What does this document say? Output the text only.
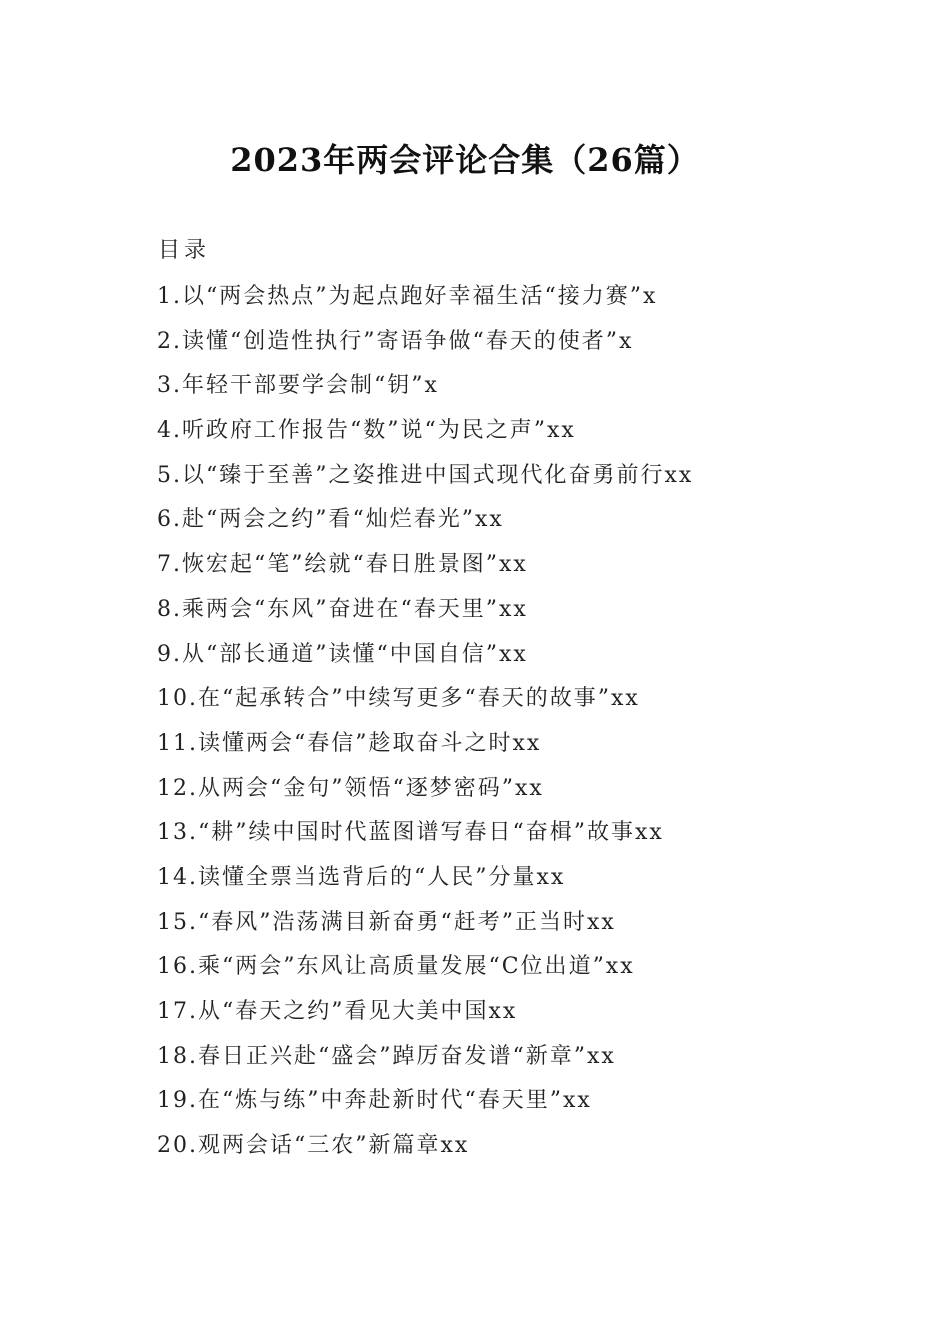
2023年两会评论合集（26篇）
目录
1.以“两会热点”为起点跑好幸福生活“接力赛”x
2.读懂“创造性执行”寄语争做“春天的使者”x
3.年轻干部要学会制“钥”x
4.听政府工作报告“数”说“为民之声”xx
5.以“臻于至善”之姿推进中国式现代化奋勇前行xx
6.赴“两会之约”看“灿烂春光”xx
7.恢宏起“笔”绘就“春日胜景图”xx
8.乘两会“东风”奋进在“春天里”xx
9.从“部长通道”读懂“中国自信”xx
10.在“起承转合”中续写更多“春天的故事”xx
11.读懂两会“春信”趁取奋斗之时xx
12.从两会“金句”领悟“逐梦密码”xx
13.“耕”续中国时代蓝图谱写春日“奋楫”故事xx
14.读懂全票当选背后的“人民”分量xx
15.“春风”浩荡满目新奋勇“赶考”正当时xx
16.乘“两会”东风让高质量发展“C位出道”xx
17.从“春天之约”看见大美中国xx
18.春日正兴赴“盛会”踔厉奋发谱“新章”xx
19.在“炼与练”中奔赴新时代“春天里”xx
20.观两会话“三农”新篇章xx
